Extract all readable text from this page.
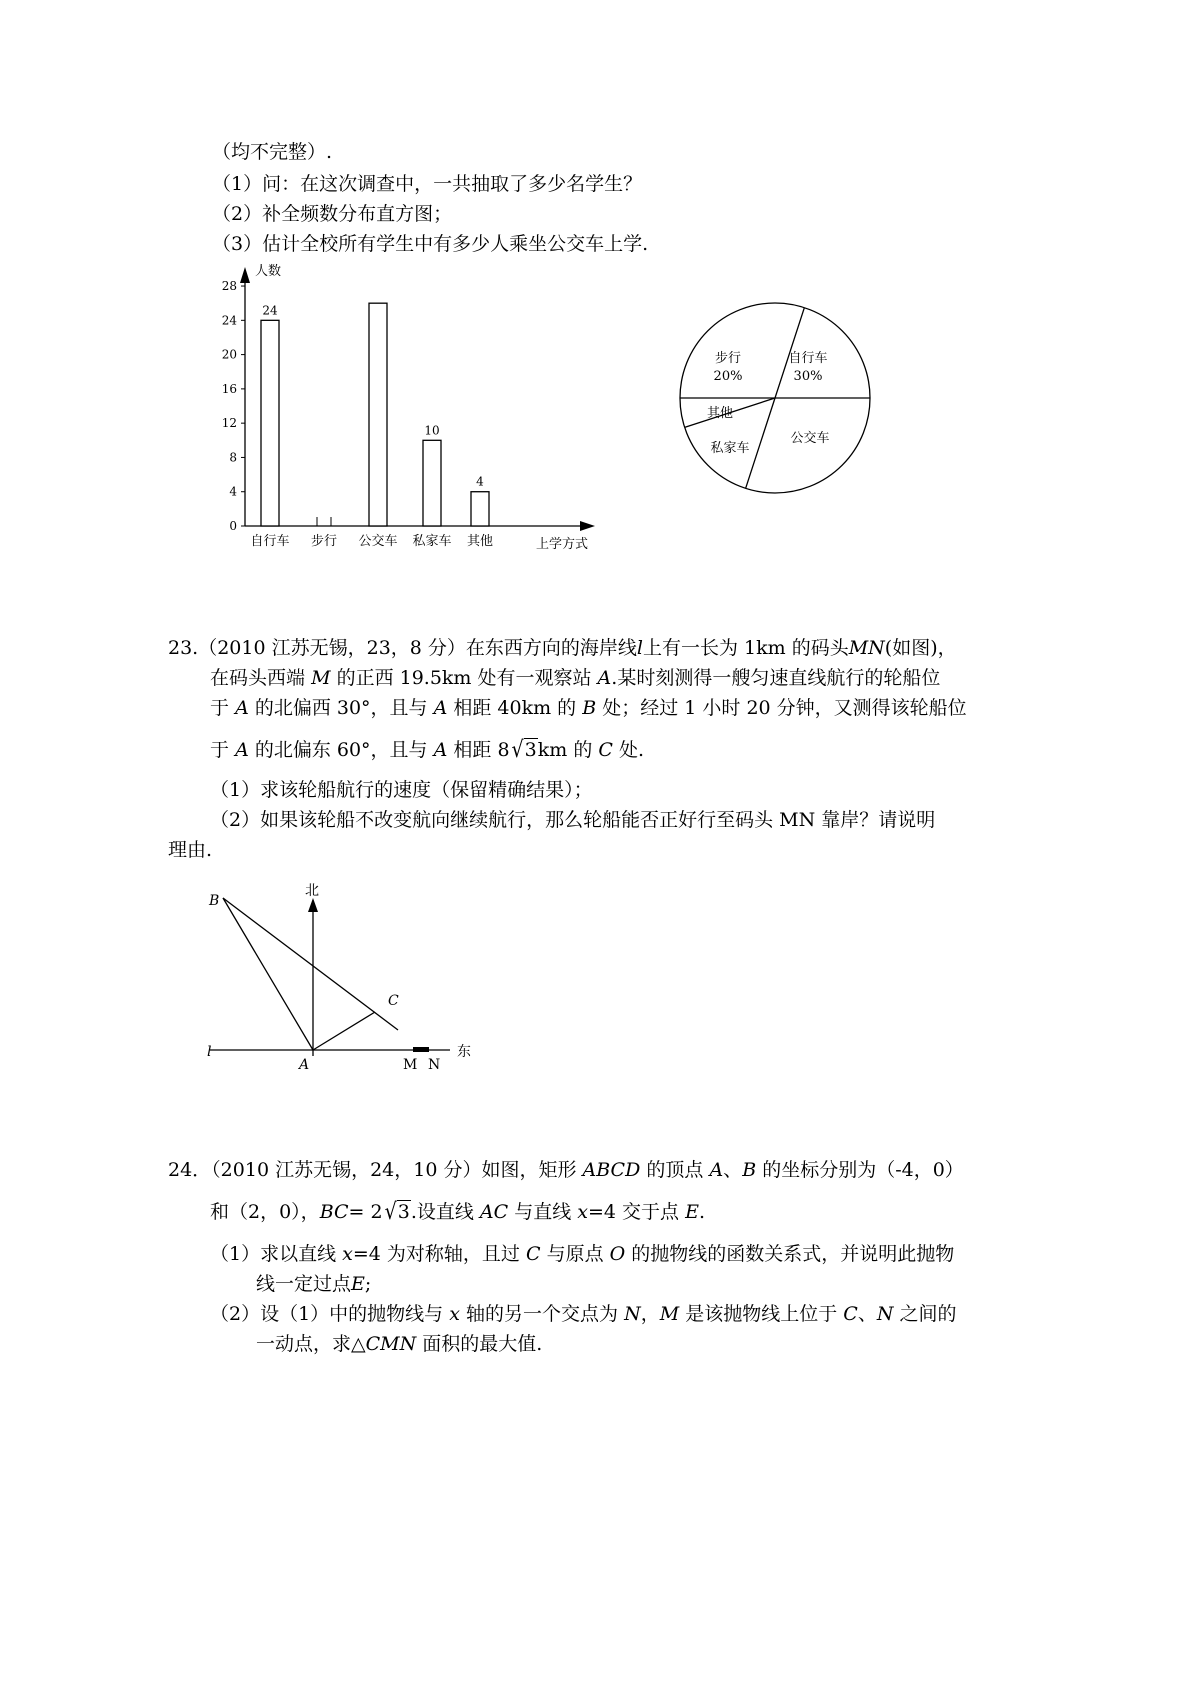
（均不完整）.
（1）问：在这次调查中，一共抽取了多少名学生？
（2）补全频数分布直方图；
（3）估计全校所有学生中有多少人乘坐公交车上学.
人数
上学方式
0
4
8
12
16
20
24
28
24
自行车 步行 公交车
10
私家车
4
其他
步行
20%
自行车
30%
其他
私家车
公交车
23.（2010 江苏无锡，23，8 分）在东西方向的海岸线l上有一长为 1km 的码头MN(如图)，
在码头西端 M 的正西 19.5km 处有一观察站 A.某时刻测得一艘匀速直线航行的轮船位
于 A 的北偏西 30°，且与 A 相距 40km 的 B 处；经过 1 小时 20 分钟，又测得该轮船位
于 A 的北偏东 60°，且与 A 相距 8 √3km 的 C 处.
（1）求该轮船航行的速度（保留精确结果）；
（2）如果该轮船不改变航向继续航行，那么轮船能否正好行至码头 MN 靠岸？请说明
理由.
B
C
l
A	M N
北
东
24．（2010 江苏无锡，24，10 分）如图，矩形 ABCD 的顶点 A、B 的坐标分别为（-4，0）
和（2，0），BC= 2 √3.设直线 AC 与直线 x=4 交于点 E.
（1）求以直线 x=4 为对称轴，且过 C 与原点 O 的抛物线的函数关系式，并说明此抛物
线一定过点E;
（2）设（1）中的抛物线与 x 轴的另一个交点为 N，M 是该抛物线上位于 C、N 之间的
一动点，求△CMN 面积的最大值.
